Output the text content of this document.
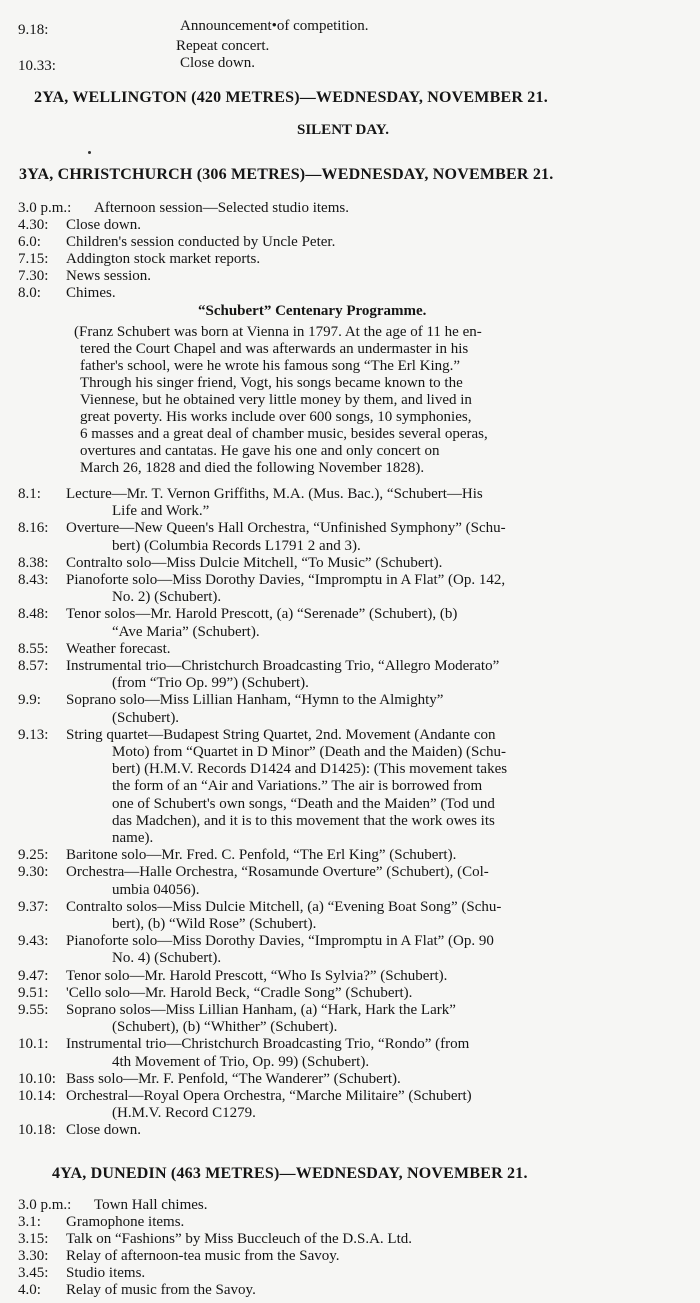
9.18:	Announcement•of competition.
Repeat concert.
10.33:	Close down.
2YA, WELLINGTON (420 METRES)—WEDNESDAY, NOVEMBER 21.
SILENT DAY.
3YA, CHRISTCHURCH (306 METRES)—WEDNESDAY, NOVEMBER 21.
3.0 p.m.: Afternoon session—Selected studio items.
4.30: Close down.
6.0: Children's session conducted by Uncle Peter.
7.15: Addington stock market reports.
7.30: News session.
8.0: Chimes.
“Schubert” Centenary Programme.
(Franz Schubert was born at Vienna in 1797. At the age of 11 he en-
tered the Court Chapel and was afterwards an undermaster in his
father's school, were he wrote his famous song “The Erl King.”
Through his singer friend, Vogt, his songs became known to the
Viennese, but he obtained very little money by them, and lived in
great poverty. His works include over 600 songs, 10 symphonies,
6 masses and a great deal of chamber music, besides several operas,
overtures and cantatas. He gave his one and only concert on
March 26, 1828 and died the following November 1828).
8.1: Lecture—Mr. T. Vernon Griffiths, M.A. (Mus. Bac.), “Schubert—His
Life and Work.”
8.16: Overture—New Queen's Hall Orchestra, “Unfinished Symphony” (Schu-
bert) (Columbia Records L1791 2 and 3).
8.38: Contralto solo—Miss Dulcie Mitchell, “To Music” (Schubert).
8.43: Pianoforte solo—Miss Dorothy Davies, “Impromptu in A Flat” (Op. 142,
No. 2) (Schubert).
8.48: Tenor solos—Mr. Harold Prescott, (a) “Serenade” (Schubert), (b)
“Ave Maria” (Schubert).
8.55: Weather forecast.
8.57: Instrumental trio—Christchurch Broadcasting Trio, “Allegro Moderato”
(from “Trio Op. 99”) (Schubert).
9.9: Soprano solo—Miss Lillian Hanham, “Hymn to the Almighty”
(Schubert).
9.13: String quartet—Budapest String Quartet, 2nd. Movement (Andante con
Moto) from “Quartet in D Minor” (Death and the Maiden) (Schu-
bert) (H.M.V. Records D1424 and D1425): (This movement takes
the form of an “Air and Variations.” The air is borrowed from
one of Schubert's own songs, “Death and the Maiden” (Tod und
das Madchen), and it is to this movement that the work owes its
name).
9.25: Baritone solo—Mr. Fred. C. Penfold, “The Erl King” (Schubert).
9.30: Orchestra—Halle Orchestra, “Rosamunde Overture” (Schubert), (Col-
umbia 04056).
9.37: Contralto solos—Miss Dulcie Mitchell, (a) “Evening Boat Song” (Schu-
bert), (b) “Wild Rose” (Schubert).
9.43: Pianoforte solo—Miss Dorothy Davies, “Impromptu in A Flat” (Op. 90
No. 4) (Schubert).
9.47: Tenor solo—Mr. Harold Prescott, “Who Is Sylvia?” (Schubert).
9.51: 'Cello solo—Mr. Harold Beck, “Cradle Song” (Schubert).
9.55: Soprano solos—Miss Lillian Hanham, (a) “Hark, Hark the Lark”
(Schubert), (b) “Whither” (Schubert).
10.1: Instrumental trio—Christchurch Broadcasting Trio, “Rondo” (from
4th Movement of Trio, Op. 99) (Schubert).
10.10: Bass solo—Mr. F. Penfold, “The Wanderer” (Schubert).
10.14: Orchestral—Royal Opera Orchestra, “Marche Militaire” (Schubert)
(H.M.V. Record C1279.
10.18: Close down.
4YA, DUNEDIN (463 METRES)—WEDNESDAY, NOVEMBER 21.
3.0 p.m.: Town Hall chimes.
3.1: Gramophone items.
3.15: Talk on “Fashions” by Miss Buccleuch of the D.S.A. Ltd.
3.30: Relay of afternoon-tea music from the Savoy.
3.45: Studio items.
4.0: Relay of music from the Savoy.
